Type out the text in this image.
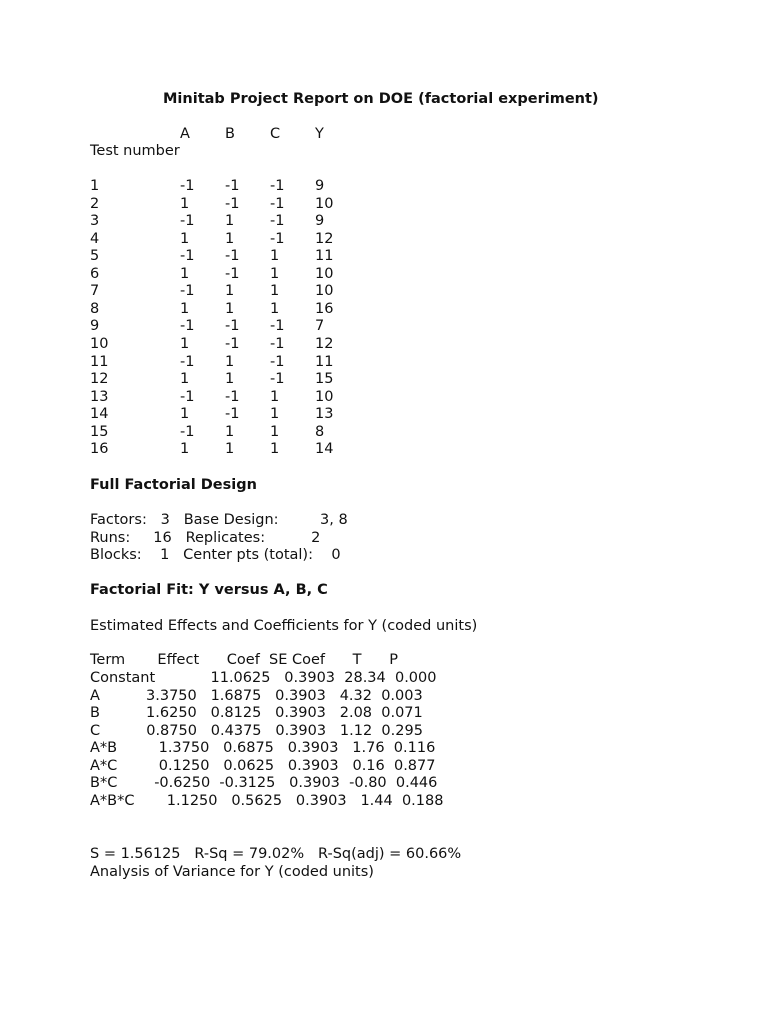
Minitab Project Report on DOE (factorial experiment)
A B C Y
Test number
1	-1 -1 -1 9
2	1 -1 -1 10
3	-1 1 -1 9
4	1 1 -1 12
5	-1 -1 1 11
6	1 -1 1 10
7	-1 1 1 10
8	1 1 1 16
9	-1 -1 -1 7
10	1 -1 -1 12
11	-1 1 -1 11
12	1 1 -1 15
13	-1 -1 1 10
14	1 -1 1 13
15	-1 1 1 8
16	1 1 1 14
Full Factorial Design
Factors:   3   Base Design:         3, 8
Runs:     16   Replicates:          2
Blocks:    1   Center pts (total):    0
Factorial Fit: Y versus A, B, C
Estimated Effects and Coefficients for Y (coded units)
Term       Effect      Coef  SE Coef      T      P
Constant            11.0625   0.3903  28.34  0.000
A          3.3750   1.6875   0.3903   4.32  0.003
B          1.6250   0.8125   0.3903   2.08  0.071
C          0.8750   0.4375   0.3903   1.12  0.295
A*B         1.3750   0.6875   0.3903   1.76  0.116
A*C         0.1250   0.0625   0.3903   0.16  0.877
B*C        -0.6250  -0.3125   0.3903  -0.80  0.446
A*B*C       1.1250   0.5625   0.3903   1.44  0.188
S = 1.56125   R-Sq = 79.02%   R-Sq(adj) = 60.66%
Analysis of Variance for Y (coded units)
